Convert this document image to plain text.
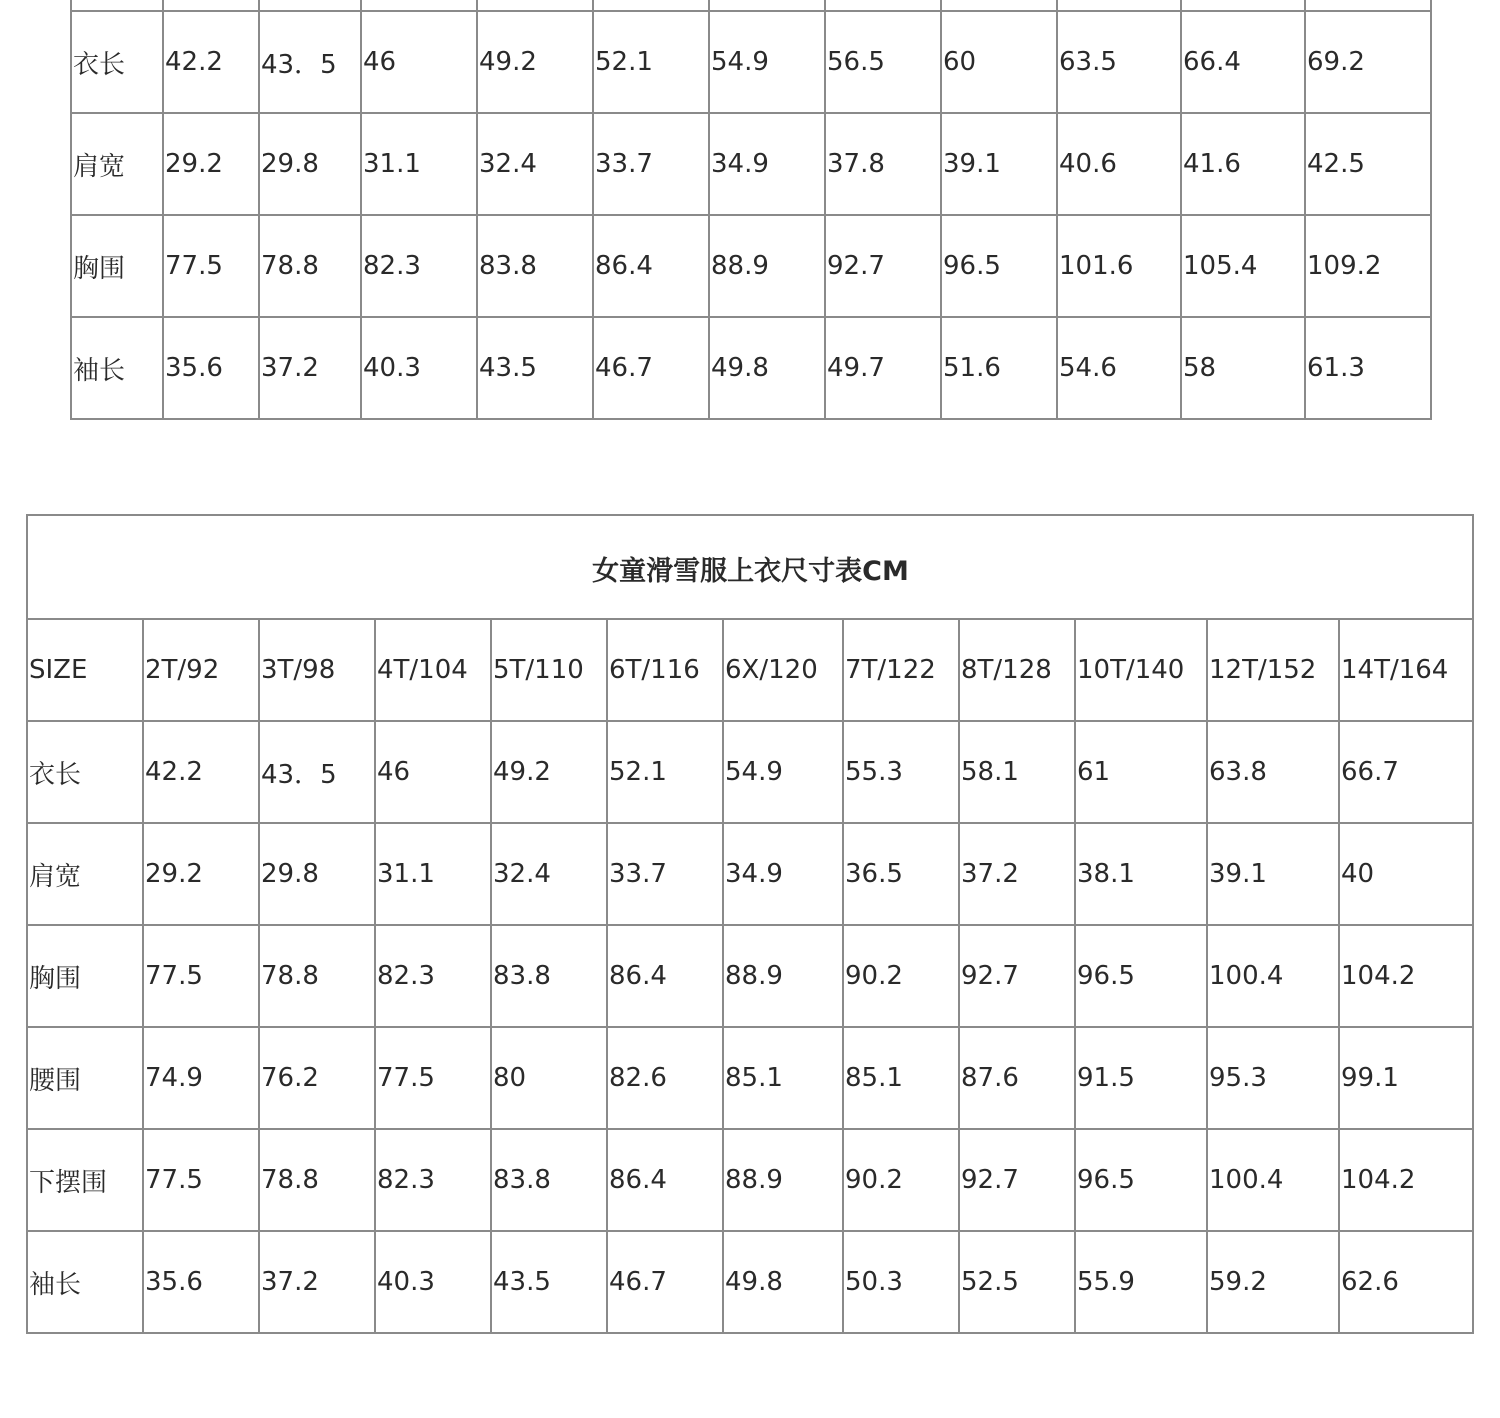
衣长	42.2	43．5	46	49.2	52.1	54.9	56.5	60	63.5	66.4	69.2
肩宽	29.2	29.8	31.1	32.4	33.7	34.9	37.8	39.1	40.6	41.6	42.5
胸围	77.5	78.8	82.3	83.8	86.4	88.9	92.7	96.5	101.6	105.4	109.2
袖长	35.6	37.2	40.3	43.5	46.7	49.8	49.7	51.6	54.6	58	61.3
女童滑雪服上衣尺寸表CM											
SIZE	2T/92	3T/98	4T/104	5T/110	6T/116	6X/120	7T/122	8T/128	10T/140	12T/152	14T/164
衣长	42.2	43．5	46	49.2	52.1	54.9	55.3	58.1	61	63.8	66.7
肩宽	29.2	29.8	31.1	32.4	33.7	34.9	36.5	37.2	38.1	39.1	40
胸围	77.5	78.8	82.3	83.8	86.4	88.9	90.2	92.7	96.5	100.4	104.2
腰围	74.9	76.2	77.5	80	82.6	85.1	85.1	87.6	91.5	95.3	99.1
下摆围	77.5	78.8	82.3	83.8	86.4	88.9	90.2	92.7	96.5	100.4	104.2
袖长	35.6	37.2	40.3	43.5	46.7	49.8	50.3	52.5	55.9	59.2	62.6
